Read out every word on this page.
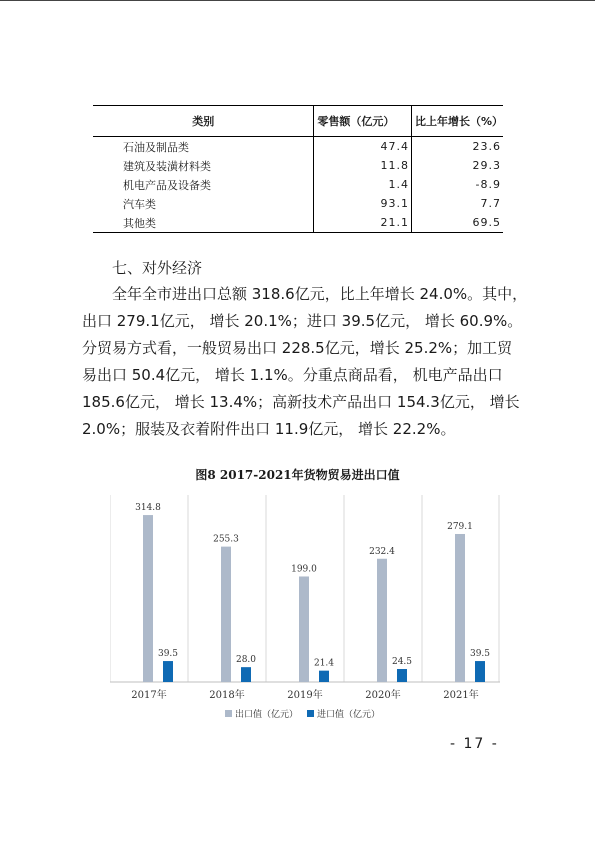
类别	零售额（亿元）	比上年增长（%）
石油及制品类	47.4	23.6
建筑及装潢材料类	11.8	29.3
机电产品及设备类	1.4	-8.9
汽车类	93.1	7.7
其他类	21.1	69.5
七、对外经济

全年全市进出口总额 318.6亿元，比上年增长 24.0%。其中，
出口 279.1亿元， 增长 20.1%；进口 39.5亿元， 增长 60.9%。
分贸易方式看，一般贸易出口 228.5亿元，增长 25.2%；加工贸
易出口 50.4亿元， 增长 1.1%。分重点商品看， 机电产品出口
185.6亿元， 增长 13.4%；高新技术产品出口 154.3亿元， 增长
2.0%；服装及衣着附件出口 11.9亿元， 增长 22.2%。

图8 2017-2021年货物贸易进出口值
314.8
39.5
2017年
255.3
28.0
2018年
199.0
21.4
2019年
232.4
24.5
2020年
279.1
39.5
2021年
出口值（亿元） 进口值（亿元）
- 17 -
